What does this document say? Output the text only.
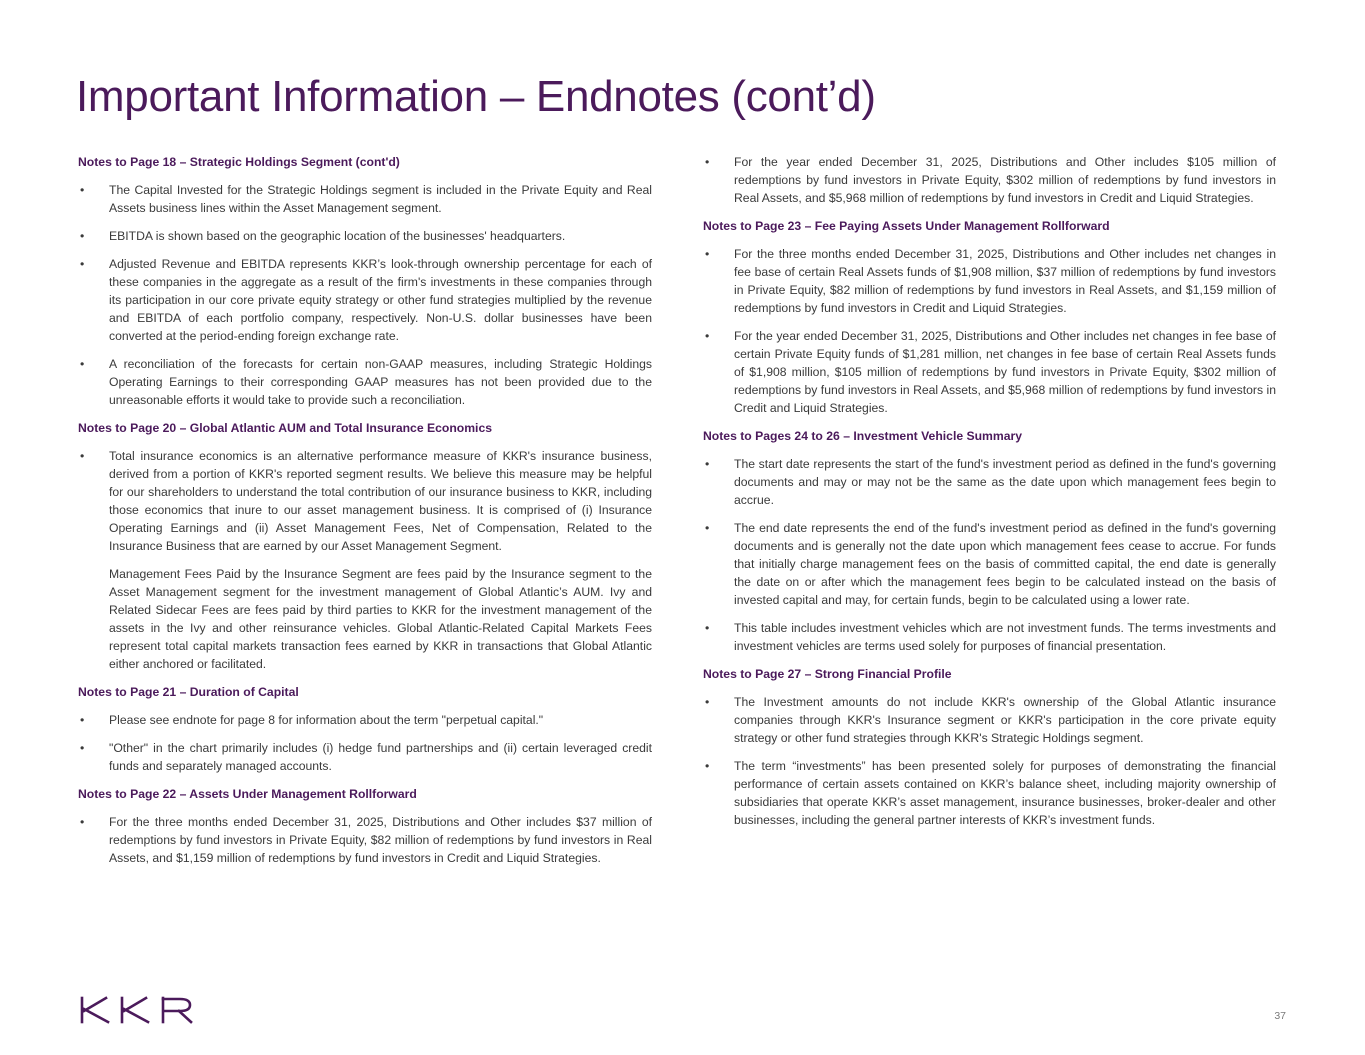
Important Information – Endnotes (cont’d)
Notes to Page 18 – Strategic Holdings Segment (cont'd)
• The Capital Invested for the Strategic Holdings segment is included in the Private Equity and Real Assets business lines within the Asset Management segment.
• EBITDA is shown based on the geographic location of the businesses' headquarters.
• Adjusted Revenue and EBITDA represents KKR’s look-through ownership percentage for each of these companies in the aggregate as a result of the firm's investments in these companies through its participation in our core private equity strategy or other fund strategies multiplied by the revenue and EBITDA of each portfolio company, respectively. Non-U.S. dollar businesses have been converted at the period-ending foreign exchange rate.
• A reconciliation of the forecasts for certain non-GAAP measures, including Strategic Holdings Operating Earnings to their corresponding GAAP measures has not been provided due to the unreasonable efforts it would take to provide such a reconciliation.
Notes to Page 20 – Global Atlantic AUM and Total Insurance Economics
• Total insurance economics is an alternative performance measure of KKR's insurance business, derived from a portion of KKR's reported segment results. We believe this measure may be helpful for our shareholders to understand the total contribution of our insurance business to KKR, including those economics that inure to our asset management business. It is comprised of (i) Insurance Operating Earnings and (ii) Asset Management Fees, Net of Compensation, Related to the Insurance Business that are earned by our Asset Management Segment.
Management Fees Paid by the Insurance Segment are fees paid by the Insurance segment to the Asset Management segment for the investment management of Global Atlantic’s AUM. Ivy and Related Sidecar Fees are fees paid by third parties to KKR for the investment management of the assets in the Ivy and other reinsurance vehicles. Global Atlantic-Related Capital Markets Fees represent total capital markets transaction fees earned by KKR in transactions that Global Atlantic either anchored or facilitated.
Notes to Page 21 – Duration of Capital
• Please see endnote for page 8 for information about the term "perpetual capital."
• "Other" in the chart primarily includes (i) hedge fund partnerships and (ii) certain leveraged credit funds and separately managed accounts.
Notes to Page 22 – Assets Under Management Rollforward
• For the three months ended December 31, 2025, Distributions and Other includes $37 million of redemptions by fund investors in Private Equity, $82 million of redemptions by fund investors in Real Assets, and $1,159 million of redemptions by fund investors in Credit and Liquid Strategies.
• For the year ended December 31, 2025, Distributions and Other includes $105 million of redemptions by fund investors in Private Equity, $302 million of redemptions by fund investors in Real Assets, and $5,968 million of redemptions by fund investors in Credit and Liquid Strategies.
Notes to Page 23 – Fee Paying Assets Under Management Rollforward
• For the three months ended December 31, 2025, Distributions and Other includes net changes in fee base of certain Real Assets funds of $1,908 million, $37 million of redemptions by fund investors in Private Equity, $82 million of redemptions by fund investors in Real Assets, and $1,159 million of redemptions by fund investors in Credit and Liquid Strategies.
• For the year ended December 31, 2025, Distributions and Other includes net changes in fee base of certain Private Equity funds of $1,281 million, net changes in fee base of certain Real Assets funds of $1,908 million, $105 million of redemptions by fund investors in Private Equity, $302 million of redemptions by fund investors in Real Assets, and $5,968 million of redemptions by fund investors in Credit and Liquid Strategies.
Notes to Pages 24 to 26 – Investment Vehicle Summary
• The start date represents the start of the fund's investment period as defined in the fund's governing documents and may or may not be the same as the date upon which management fees begin to accrue.
• The end date represents the end of the fund's investment period as defined in the fund's governing documents and is generally not the date upon which management fees cease to accrue. For funds that initially charge management fees on the basis of committed capital, the end date is generally the date on or after which the management fees begin to be calculated instead on the basis of invested capital and may, for certain funds, begin to be calculated using a lower rate.
• This table includes investment vehicles which are not investment funds. The terms investments and investment vehicles are terms used solely for purposes of financial presentation.
Notes to Page 27 – Strong Financial Profile
• The Investment amounts do not include KKR's ownership of the Global Atlantic insurance companies through KKR's Insurance segment or KKR's participation in the core private equity strategy or other fund strategies through KKR's Strategic Holdings segment.
• The term “investments” has been presented solely for purposes of demonstrating the financial performance of certain assets contained on KKR’s balance sheet, including majority ownership of subsidiaries that operate KKR’s asset management, insurance businesses, broker-dealer and other businesses, including the general partner interests of KKR’s investment funds.
37
